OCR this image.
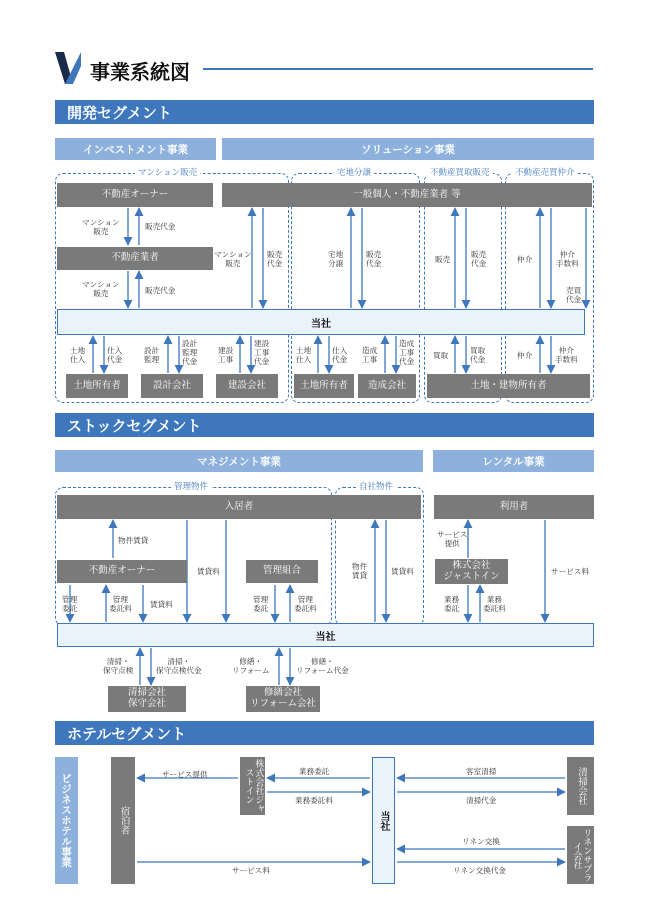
事業系統図
開発セグメント
インベストメント事業	ソリューション事業
マンション販売	宅地分譲	不動産買取販売	不動産売買仲介
不動産オーナー
不動産業者
一般個人・不動産業者 等
当社
土地所有者	設計会社	建設会社	土地所有者	造成会社	土地・建物所有者
マンション
販売
販売代金
マンション
販売	販売代金
マンション
販売
販売
代金
宅地
分譲
販売
代金	販売
販売
代金	仲介
仲介
手数料
売買
代金
土地
仕入
仕入
代金
設計
監理
設計
監理
代金
建設
工事
建設
工事
代金
土地
仕入
仕入
代金
造成
工事
造成
工事
代金
買取
買取
代金	仲介
仲介
手数料
ストックセグメント
マネジメント事業	レンタル事業
管理物件	自社物件
入居者	利用者
不動産オーナー	管理組合	株式会社
ジャストイン
当社
清掃会社
保守会社
修繕会社
リフォーム会社
物件賃貸
賃貸料
管理
委託
管理
委託料 賃貸料
管理
委託
管理
委託料
物件
賃貸	賃貸料
サービス
提供
業務
委託
業務
委託料
サービス料
清掃・
保守点検
清掃・
保守点検代金
修繕・
リフォーム
修繕・
リフォーム代金
ホテルセグメント
ビジネスホテル事業	宿泊者
株式会社ジャストイン
当社
清掃会社
リネンサプライ会社
サービス提供	業務委託
業務委託料
客室清掃
清掃代金
リネン交換
リネン交換代金
サービス料
